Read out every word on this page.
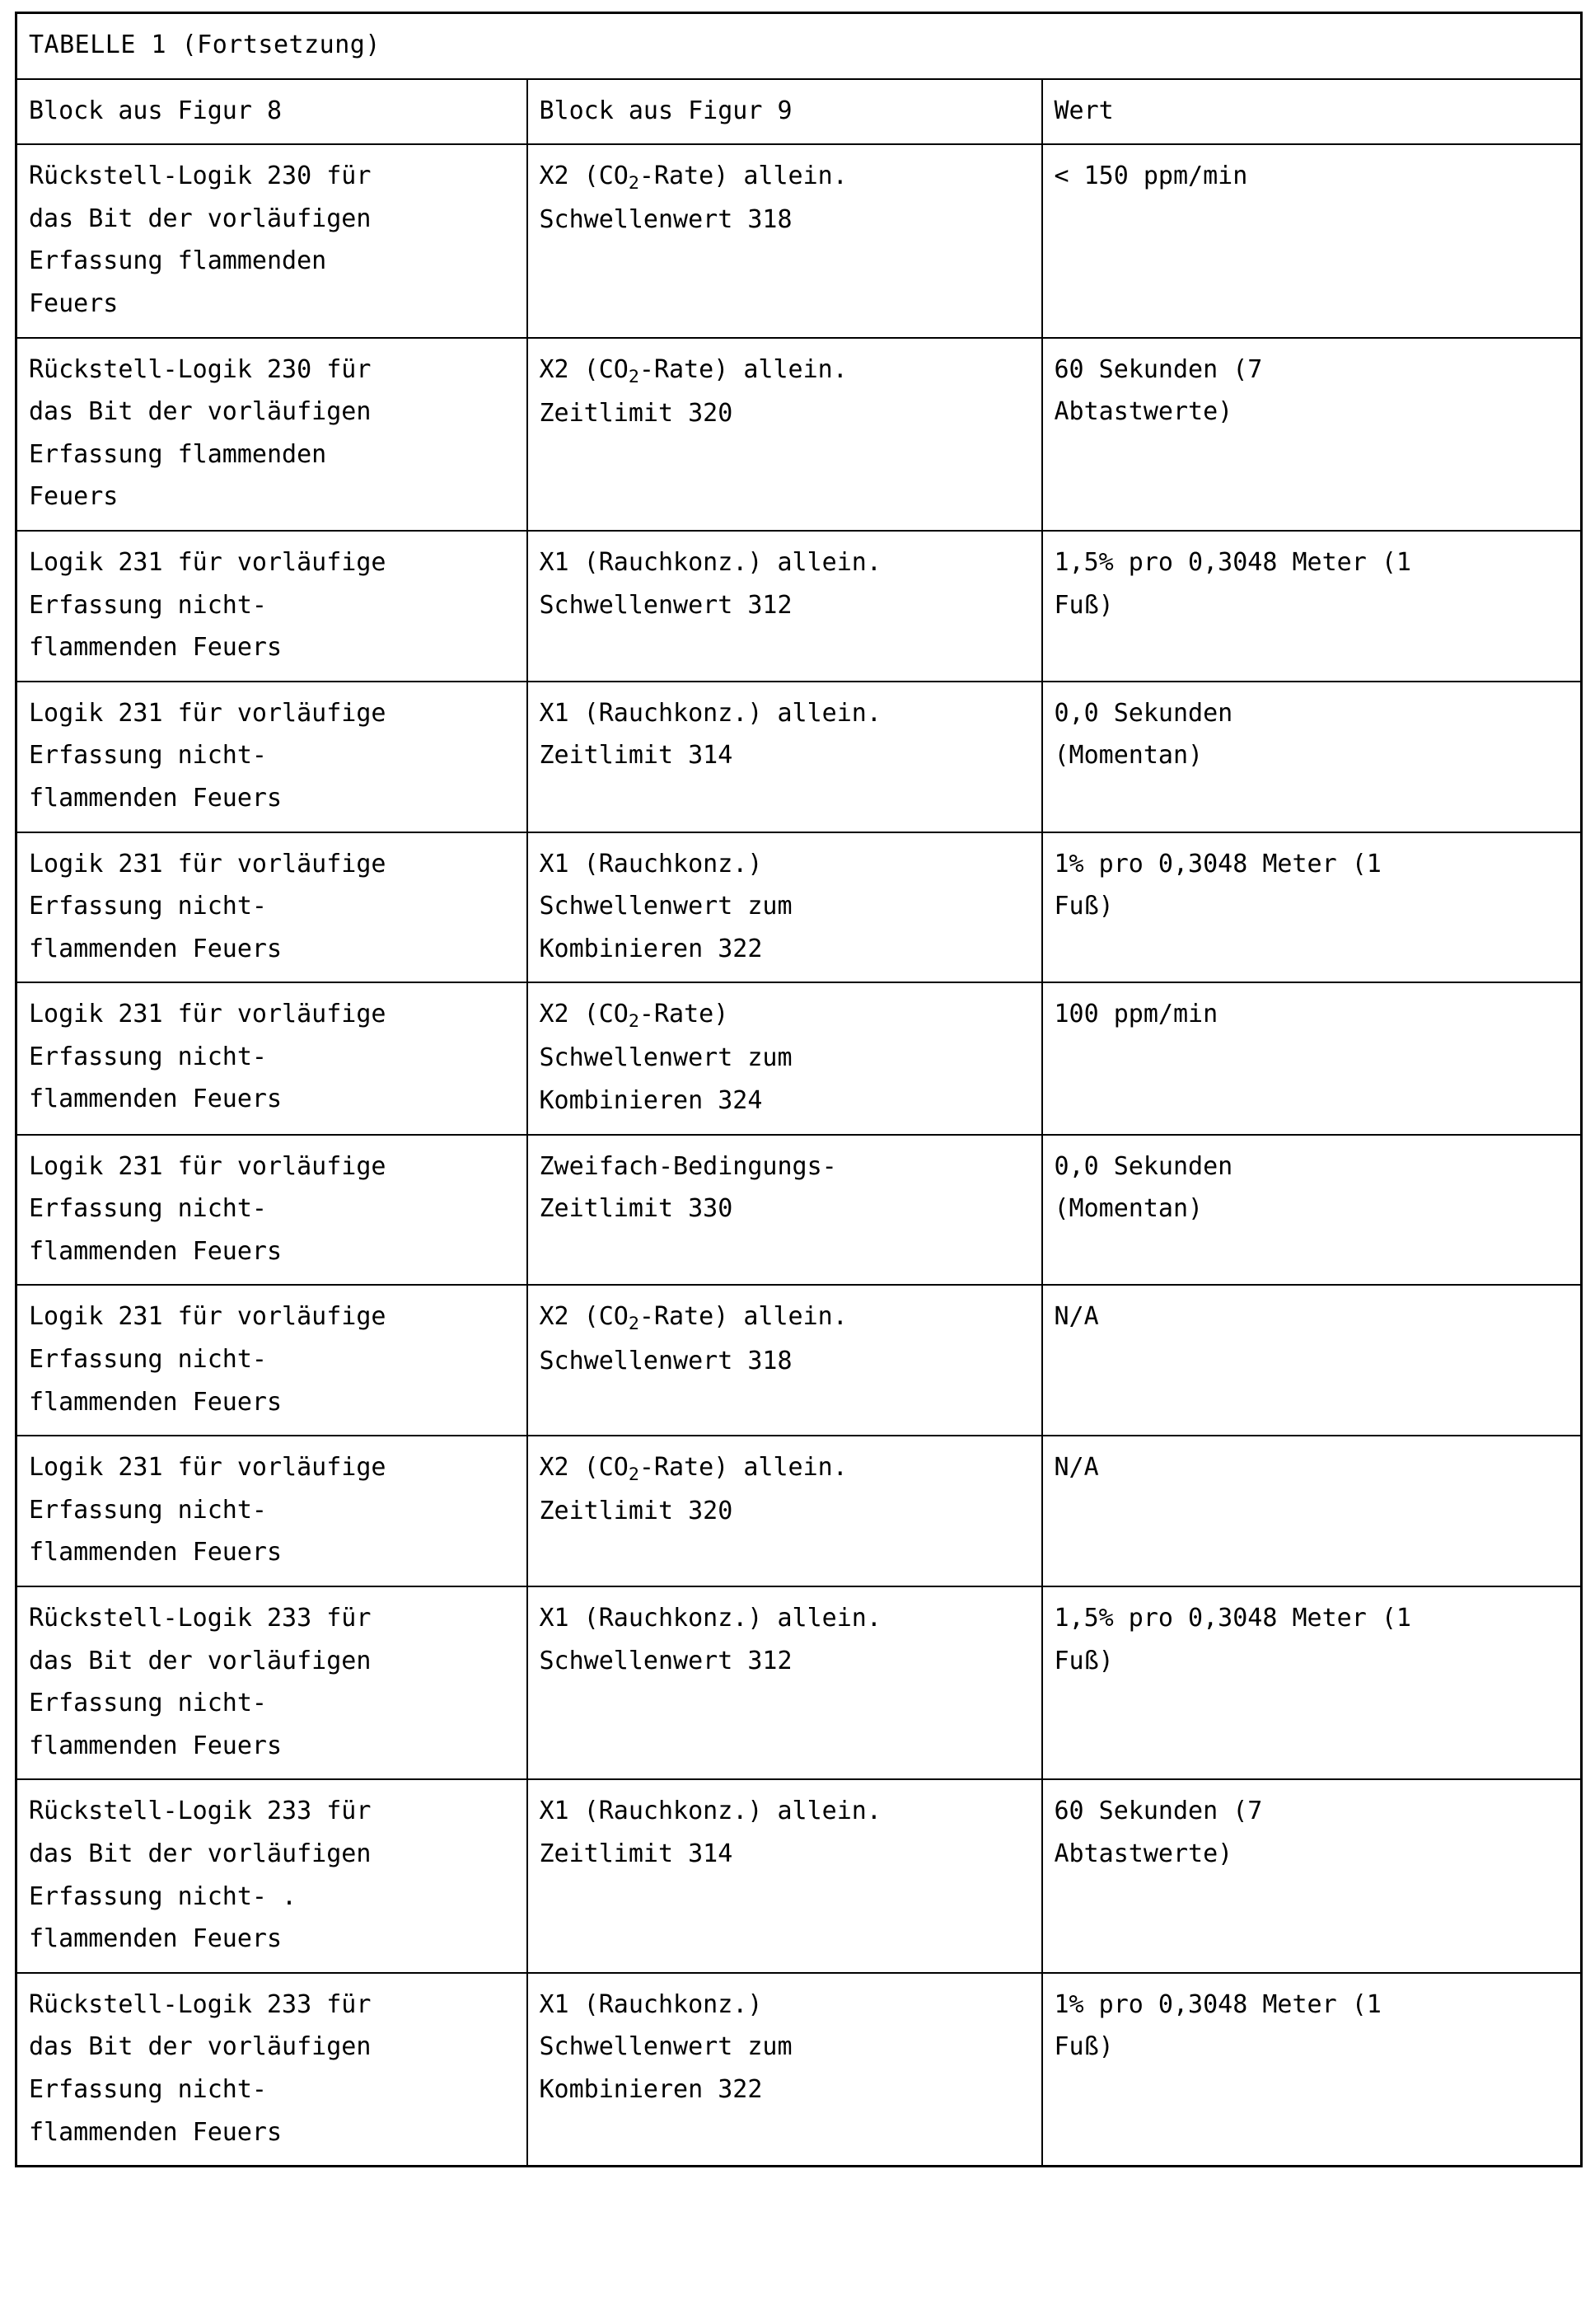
TABELLE 1 (Fortsetzung)
Block aus Figur 8	Block aus Figur 9	Wert

Rückstell-Logik 230 für
das Bit der vorläufigen
Erfassung flammenden
Feuers	X2 $(CO_2-Rate)$ allein.
Schwellenwert 318	< 150 ppm/min

Rückstell-Logik 230 für
das Bit der vorläufigen
Erfassung flammenden
Feuers	X2 $(CO_2-Rate)$ allein.
Zeitlimit 320	60 Sekunden (7
Abtastwerte)

Logik 231 für vorläufige
Erfassung nicht-
flammenden Feuers	X1 (Rauchkonz.) allein.
Schwellenwert 312	1,5% pro 0,3048 Meter (1
Fuß)

Logik 231 für vorläufige
Erfassung nicht-
flammenden Feuers	X1 (Rauchkonz.) allein.
Zeitlimit 314	0,0 Sekunden
(Momentan)

Logik 231 für vorläufige
Erfassung nicht-
flammenden Feuers	X1 (Rauchkonz.)
Schwellenwert zum
Kombinieren 322	1% pro 0,3048 Meter (1
Fuß)

Logik 231 für vorläufige
Erfassung nicht-
flammenden Feuers	X2 $(CO_2-Rate)$
Schwellenwert zum
Kombinieren 324	100 ppm/min

Logik 231 für vorläufige
Erfassung nicht-
flammenden Feuers	Zweifach-Bedingungs-
Zeitlimit 330	0,0 Sekunden
(Momentan)

Logik 231 für vorläufige
Erfassung nicht-
flammenden Feuers	X2 $(CO_2-Rate)$ allein.
Schwellenwert 318	N/A

Logik 231 für vorläufige
Erfassung nicht-
flammenden Feuers	X2 $(CO_2-Rate)$ allein.
Zeitlimit 320	N/A

Rückstell-Logik 233 für
das Bit der vorläufigen
Erfassung nicht-
flammenden Feuers	X1 (Rauchkonz.) allein.
Schwellenwert 312	1,5% pro 0,3048 Meter (1
Fuß)

Rückstell-Logik 233 für
das Bit der vorläufigen
Erfassung nicht- .
flammenden Feuers	X1 (Rauchkonz.) allein.
Zeitlimit 314	60 Sekunden (7
Abtastwerte)

Rückstell-Logik 233 für
das Bit der vorläufigen
Erfassung nicht-
flammenden Feuers	X1 (Rauchkonz.)
Schwellenwert zum
Kombinieren 322	1% pro 0,3048 Meter (1
Fuß)
